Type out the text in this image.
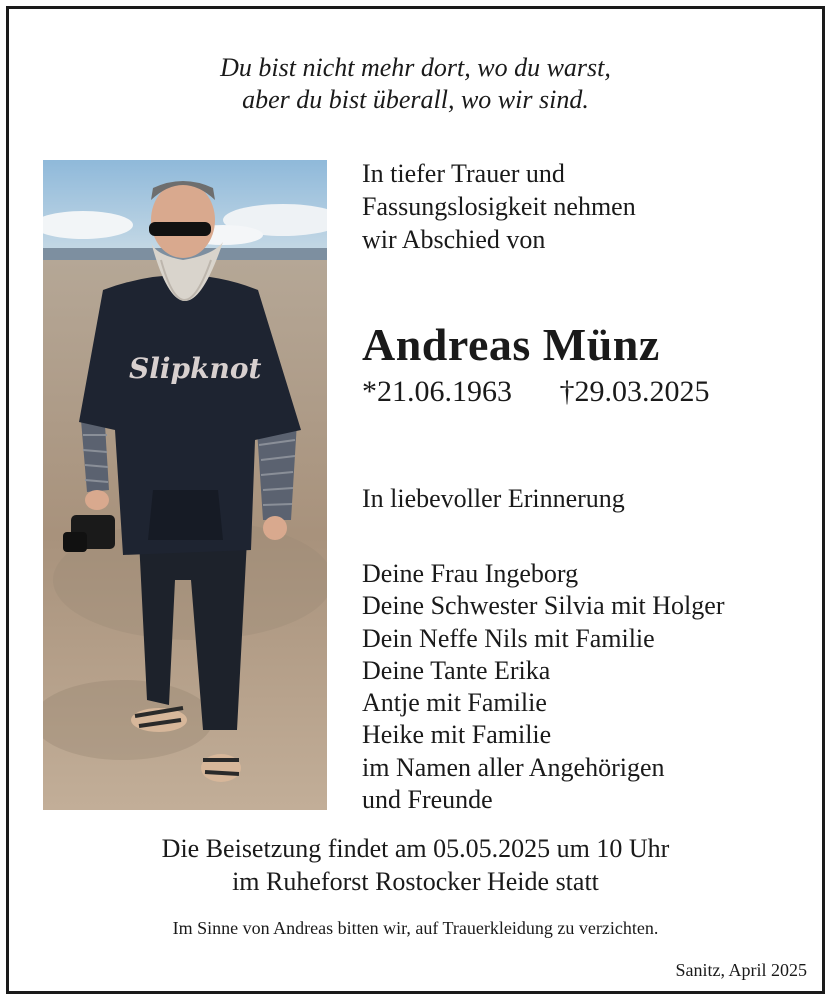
Du bist nicht mehr dort, wo du warst,
aber du bist überall, wo wir sind.
Slipknot
In tiefer Trauer und
Fassungslosigkeit nehmen
wir Abschied von
Andreas Münz
*21.06.1963 †29.03.2025
In liebevoller Erinnerung
Deine Frau Ingeborg
Deine Schwester Silvia mit Holger
Dein Neffe Nils mit Familie
Deine Tante Erika
Antje mit Familie
Heike mit Familie
im Namen aller Angehörigen
und Freunde
Die Beisetzung findet am 05.05.2025 um 10 Uhr
im Ruheforst Rostocker Heide statt
Im Sinne von Andreas bitten wir, auf Trauerkleidung zu verzichten.
Sanitz, April 2025
